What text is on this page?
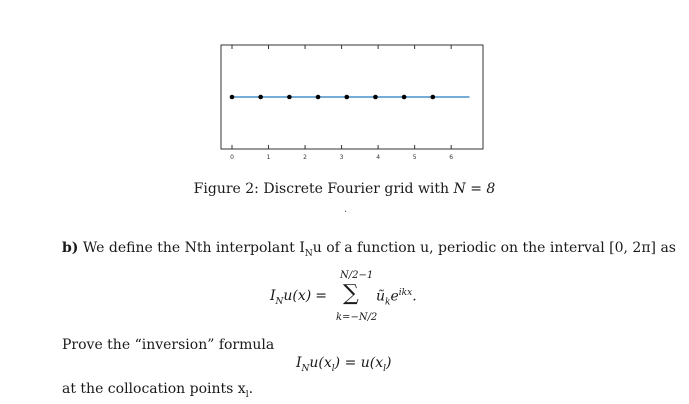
0	1	2	3	4	5	6
Figure 2: Discrete Fourier grid with N = 8
·
b) We define the Nth interpolant $I_Nu$ of a function u, periodic on the interval [0, 2π] as
$I_Nu(x)$ =
N/2−1
∑
k=−N/2
$ũ_ke^{ikx}$.
Prove the “inversion” formula
$I_Nu(x_l) = u(x_l)$
at the collocation points $x_l$.
